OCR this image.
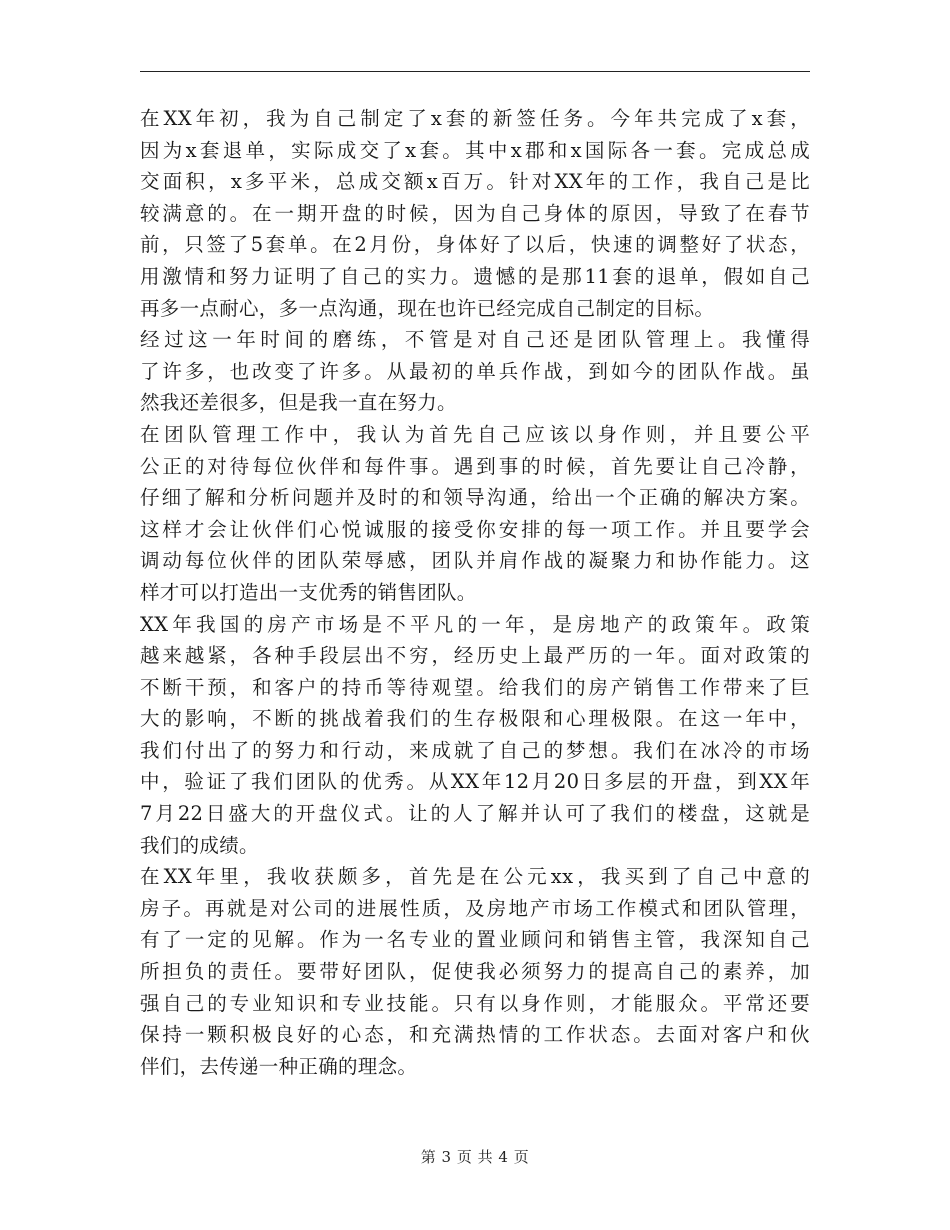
在XX年初，我为自己制定了x套的新签任务。今年共完成了x套，
因为x套退单，实际成交了x套。其中x郡和x国际各一套。完成总成
交面积，x多平米，总成交额x百万。针对XX年的工作，我自己是比
较满意的。在一期开盘的时候，因为自己身体的原因，导致了在春节
前，只签了5套单。在2月份，身体好了以后，快速的调整好了状态，
用激情和努力证明了自己的实力。遗憾的是那11套的退单，假如自己
再多一点耐心，多一点沟通，现在也许已经完成自己制定的目标。
经过这一年时间的磨练，不管是对自己还是团队管理上。我懂得
了许多，也改变了许多。从最初的单兵作战，到如今的团队作战。虽
然我还差很多，但是我一直在努力。
在团队管理工作中，我认为首先自己应该以身作则，并且要公平
公正的对待每位伙伴和每件事。遇到事的时候，首先要让自己冷静，
仔细了解和分析问题并及时的和领导沟通，给出一个正确的解决方案。
这样才会让伙伴们心悦诚服的接受你安排的每一项工作。并且要学会
调动每位伙伴的团队荣辱感，团队并肩作战的凝聚力和协作能力。这
样才可以打造出一支优秀的销售团队。
XX年我国的房产市场是不平凡的一年，是房地产的政策年。政策
越来越紧，各种手段层出不穷，经历史上最严历的一年。面对政策的
不断干预，和客户的持币等待观望。给我们的房产销售工作带来了巨
大的影响，不断的挑战着我们的生存极限和心理极限。在这一年中，
我们付出了的努力和行动，来成就了自己的梦想。我们在冰冷的市场
中，验证了我们团队的优秀。从XX年12月20日多层的开盘，到XX年
7月22日盛大的开盘仪式。让的人了解并认可了我们的楼盘，这就是
我们的成绩。
在XX年里，我收获颇多，首先是在公元xx，我买到了自己中意的
房子。再就是对公司的进展性质，及房地产市场工作模式和团队管理，
有了一定的见解。作为一名专业的置业顾问和销售主管，我深知自己
所担负的责任。要带好团队，促使我必须努力的提高自己的素养，加
强自己的专业知识和专业技能。只有以身作则，才能服众。平常还要
保持一颗积极良好的心态，和充满热情的工作状态。去面对客户和伙
伴们，去传递一种正确的理念。
第 3 页 共 4 页
